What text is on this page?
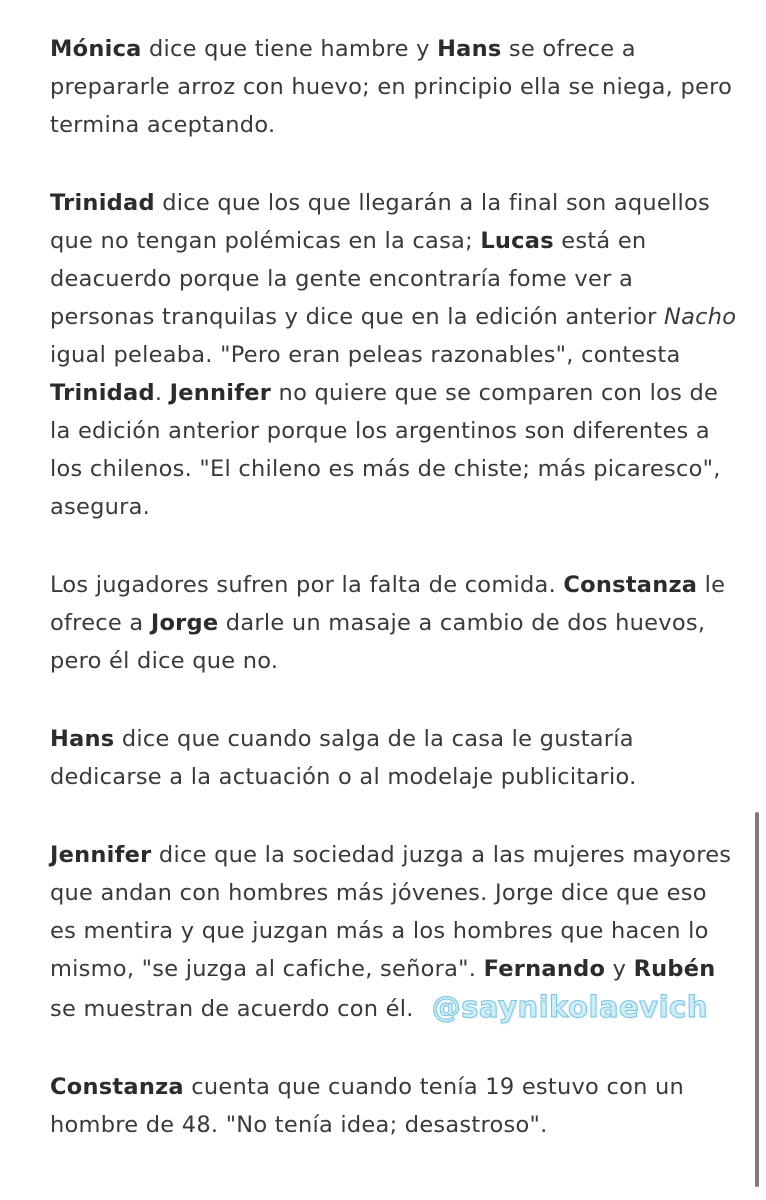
Mónica dice que tiene hambre y Hans se ofrece a prepararle arroz con huevo; en principio ella se niega, pero termina aceptando.

Trinidad dice que los que llegarán a la final son aquellos que no tengan polémicas en la casa; Lucas está en deacuerdo porque la gente encontraría fome ver a personas tranquilas y dice que en la edición anterior Nacho igual peleaba. "Pero eran peleas razonables", contesta Trinidad. Jennifer no quiere que se comparen con los de la edición anterior porque los argentinos son diferentes a los chilenos. "El chileno es más de chiste; más picaresco", asegura.

Los jugadores sufren por la falta de comida. Constanza le ofrece a Jorge darle un masaje a cambio de dos huevos, pero él dice que no.

Hans dice que cuando salga de la casa le gustaría dedicarse a la actuación o al modelaje publicitario.

Jennifer dice que la sociedad juzga a las mujeres mayores que andan con hombres más jóvenes. Jorge dice que eso es mentira y que juzgan más a los hombres que hacen lo mismo, "se juzga al cafiche, señora". Fernando y Rubén se muestran de acuerdo con él. @saynikolaevich

Constanza cuenta que cuando tenía 19 estuvo con un hombre de 48. "No tenía idea; desastroso".
